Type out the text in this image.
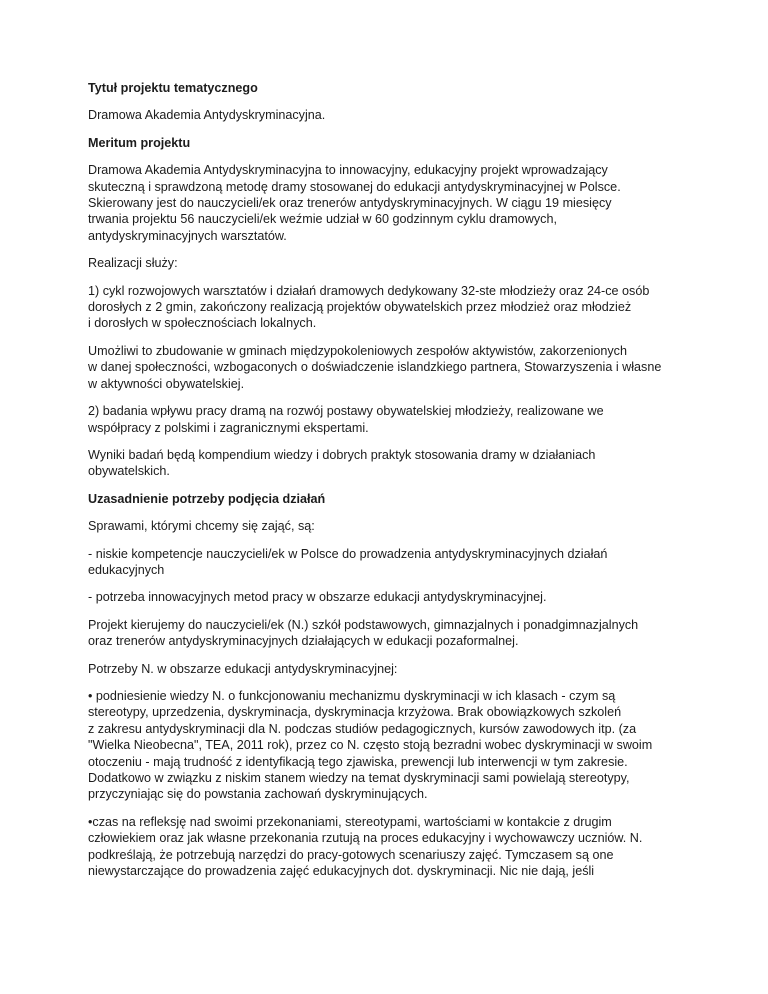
Tytuł projektu tematycznego

Dramowa Akademia Antydyskryminacyjna.

Meritum projektu

Dramowa Akademia Antydyskryminacyjna to innowacyjny, edukacyjny projekt wprowadzający
skuteczną i sprawdzoną metodę dramy stosowanej do edukacji antydyskryminacyjnej w Polsce.
Skierowany jest do nauczycieli/ek oraz trenerów antydyskryminacyjnych. W ciągu 19 miesięcy
trwania projektu 56 nauczycieli/ek weźmie udział w 60 godzinnym cyklu dramowych,
antydyskryminacyjnych warsztatów.

Realizacji służy:

1) cykl rozwojowych warsztatów i działań dramowych dedykowany 32-ste młodzieży oraz 24-ce osób
dorosłych z 2 gmin, zakończony realizacją projektów obywatelskich przez młodzież oraz młodzież
i dorosłych w społecznościach lokalnych.

Umożliwi to zbudowanie w gminach międzypokoleniowych zespołów aktywistów, zakorzenionych
w danej społeczności, wzbogaconych o doświadczenie islandzkiego partnera, Stowarzyszenia i własne
w aktywności obywatelskiej.

2) badania wpływu pracy dramą na rozwój postawy obywatelskiej młodzieży, realizowane we
współpracy z polskimi i zagranicznymi ekspertami.

Wyniki badań będą kompendium wiedzy i dobrych praktyk stosowania dramy w działaniach
obywatelskich.

Uzasadnienie potrzeby podjęcia działań

Sprawami, którymi chcemy się zająć, są:

- niskie kompetencje nauczycieli/ek w Polsce do prowadzenia antydyskryminacyjnych działań
edukacyjnych

- potrzeba innowacyjnych metod pracy w obszarze edukacji antydyskryminacyjnej.

Projekt kierujemy do nauczycieli/ek (N.) szkół podstawowych, gimnazjalnych i ponadgimnazjalnych
oraz trenerów antydyskryminacyjnych działających w edukacji pozaformalnej.

Potrzeby N. w obszarze edukacji antydyskryminacyjnej:

• podniesienie wiedzy N. o funkcjonowaniu mechanizmu dyskryminacji w ich klasach - czym są
stereotypy, uprzedzenia, dyskryminacja, dyskryminacja krzyżowa. Brak obowiązkowych szkoleń
z zakresu antydyskryminacji dla N. podczas studiów pedagogicznych, kursów zawodowych itp. (za
"Wielka Nieobecna", TEA, 2011 rok), przez co N. często stoją bezradni wobec dyskryminacji w swoim
otoczeniu - mają trudność z identyfikacją tego zjawiska, prewencji lub interwencji w tym zakresie.
Dodatkowo w związku z niskim stanem wiedzy na temat dyskryminacji sami powielają stereotypy,
przyczyniając się do powstania zachowań dyskryminujących.

•czas na refleksję nad swoimi przekonaniami, stereotypami, wartościami w kontakcie z drugim
człowiekiem oraz jak własne przekonania rzutują na proces edukacyjny i wychowawczy uczniów. N.
podkreślają, że potrzebują narzędzi do pracy-gotowych scenariuszy zajęć. Tymczasem są one
niewystarczające do prowadzenia zajęć edukacyjnych dot. dyskryminacji. Nic nie dają, jeśli
